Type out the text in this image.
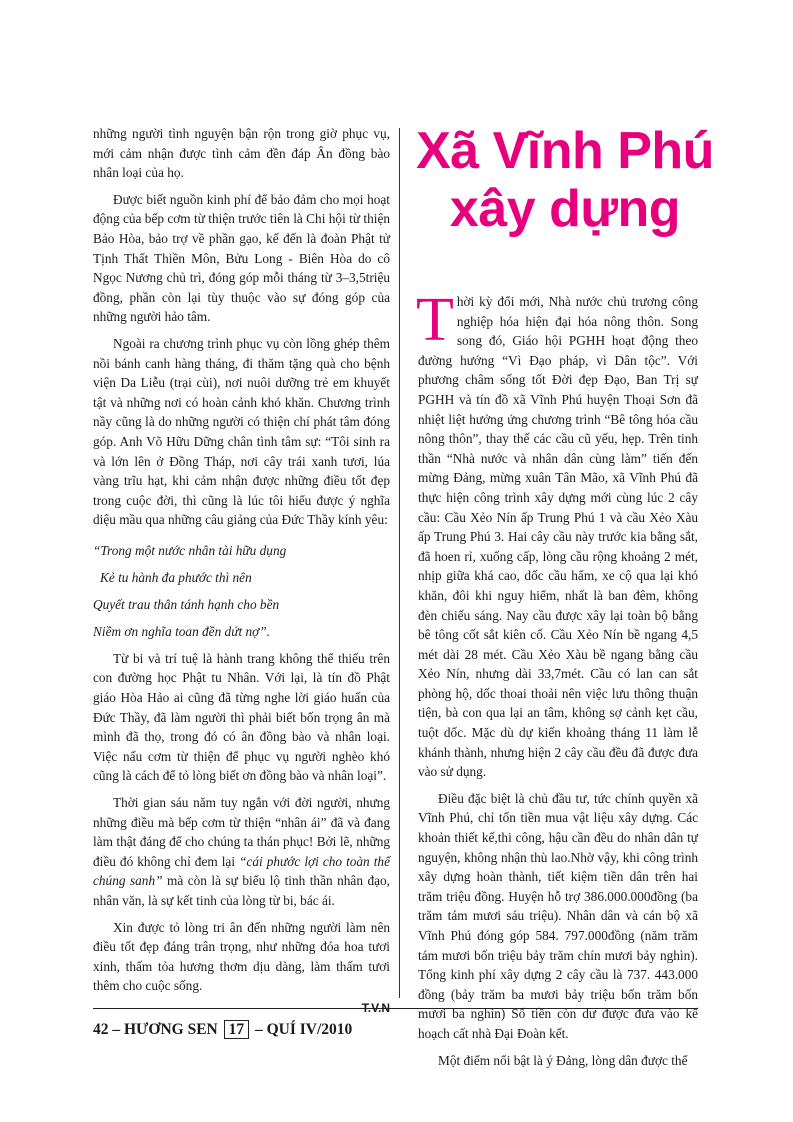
những người tình nguyện bận rộn trong giờ phục vụ, mới cảm nhận được tình cảm đền đáp Ân đồng bào nhân loại của họ.

Được biết nguồn kinh phí để bảo đảm cho mọi hoạt động của bếp cơm từ thiện trước tiên là Chi hội từ thiện Bảo Hòa, bảo trợ về phần gạo, kế đến là đoàn Phật tử Tịnh Thất Thiền Môn, Bửu Long - Biên Hòa do cô Ngọc Nương chủ trì, đóng góp mỗi tháng từ 3–3,5triệu đồng, phần còn lại tùy thuộc vào sự đóng góp của những người hảo tâm.

Ngoài ra chương trình phục vụ còn lồng ghép thêm nồi bánh canh hàng tháng, đi thăm tặng quà cho bệnh viện Da Liễu (trại cùi), nơi nuôi dưỡng trẻ em khuyết tật và những nơi có hoàn cảnh khó khăn. Chương trình nầy cũng là do những người có thiện chí phát tâm đóng góp. Anh Võ Hữu Dững chân tình tâm sự: “Tôi sinh ra và lớn lên ở Đồng Tháp, nơi cây trái xanh tươi, lúa vàng trĩu hạt, khi cảm nhận được những điều tốt đẹp trong cuộc đời, thì cũng là lúc tôi hiểu được ý nghĩa diệu mầu qua những câu giảng của Đức Thầy kính yêu:

“Trong một nước nhân tài hữu dụng
Kẻ tu hành đa phước thì nên
Quyết trau thân tánh hạnh cho bền
Niềm ơn nghĩa toan đền dứt nợ”.

Từ bi và trí tuệ là hành trang không thể thiếu trên con đường học Phật tu Nhân. Với lại, là tín đồ Phật giáo Hòa Hảo ai cũng đã từng nghe lời giáo huấn của Đức Thầy, đã làm người thì phải biết bốn trọng ân mà mình đã thọ, trong đó có ân đồng bào và nhân loại. Việc nấu cơm từ thiện để phục vụ người nghèo khó cũng là cách để tỏ lòng biết ơn đồng bào và nhân loại”.

Thời gian sáu năm tuy ngắn với đời người, nhưng những điều mà bếp cơm từ thiện “nhân ái” đã và đang làm thật đáng để cho chúng ta thán phục! Bởi lẽ, những điều đó không chỉ đem lại “cái phước lợi cho toàn thể chúng sanh” mà còn là sự biểu lộ tinh thần nhân đạo, nhân văn, là sự kết tinh của lòng từ bi, bác ái.

Xin được tỏ lòng tri ân đến những người làm nên điều tốt đẹp đáng trân trọng, như những đóa hoa tươi xinh, thấm tỏa hương thơm dịu dàng, làm thấm tươi thêm cho cuộc sống.

T.V.N
Xã Vĩnh Phú
xây dựng

Thời kỳ đổi mới, Nhà nước chủ trương công nghiệp hóa hiện đại hóa nông thôn. Song song đó, Giáo hội PGHH hoạt động theo đường hướng “Vì Đạo pháp, vì Dân tộc”. Với phương châm sống tốt Đời đẹp Đạo, Ban Trị sự PGHH và tín đồ xã Vĩnh Phú huyện Thoại Sơn đã nhiệt liệt hưởng ứng chương trình “Bê tông hóa cầu nông thôn”, thay thế các cầu cũ yếu, hẹp. Trên tinh thần “Nhà nước và nhân dân cùng làm” tiến đến mừng Đảng, mừng xuân Tân Mão, xã Vĩnh Phú đã thực hiện công trình xây dựng mới cùng lúc 2 cây cầu: Cầu Xẻo Nín ấp Trung Phú 1 và cầu Xẻo Xàu ấp Trung Phú 3. Hai cây cầu này trước kia bằng sắt, đã hoen rỉ, xuống cấp, lòng cầu rộng khoảng 2 mét, nhịp giữa khá cao, dốc cầu hẩm, xe cộ qua lại khó khăn, đôi khi nguy hiểm, nhất là ban đêm, không đèn chiếu sáng. Nay cầu được xây lại toàn bộ bằng bê tông cốt sắt kiên cố. Cầu Xẻo Nín bề ngang 4,5 mét dài 28 mét. Cầu Xẻo Xàu bề ngang bằng cầu Xẻo Nín, nhưng dài 33,7mét. Cầu có lan can sắt phòng hộ, dốc thoai thoải nên việc lưu thông thuận tiện, bà con qua lại an tâm, không sợ cảnh kẹt cầu, tuột dốc. Mặc dù dự kiến khoảng tháng 11 làm lễ khánh thành, nhưng hiện 2 cây cầu đều đã được đưa vào sử dụng.

Điều đặc biệt là chủ đầu tư, tức chính quyền xã Vĩnh Phú, chỉ tốn tiền mua vật liệu xây dựng. Các khoản thiết kế,thi công, hậu cần đều do nhân dân tự nguyện, không nhận thù lao.Nhờ vậy, khi công trình xây dựng hoàn thành, tiết kiệm tiền dân trên hai trăm triệu đồng. Huyện hỗ trợ 386.000.000đồng (ba trăm tám mươi sáu triệu). Nhân dân và cán bộ xã Vĩnh Phú đóng góp 584. 797.000đồng (năm trăm tám mươi bốn triệu bảy trăm chín mươi bảy nghìn). Tổng kinh phí xây dựng 2 cây cầu là 737. 443.000 đồng (bảy trăm ba mươi bảy triệu bốn trăm bốn mươi ba nghìn) Số tiền còn dư được đưa vào kế hoạch cất nhà Đại Đoàn kết.

Một điểm nổi bật là ý Đảng, lòng dân được thể

42 – HƯƠNG SEN 17 – QUÍ IV/2010
